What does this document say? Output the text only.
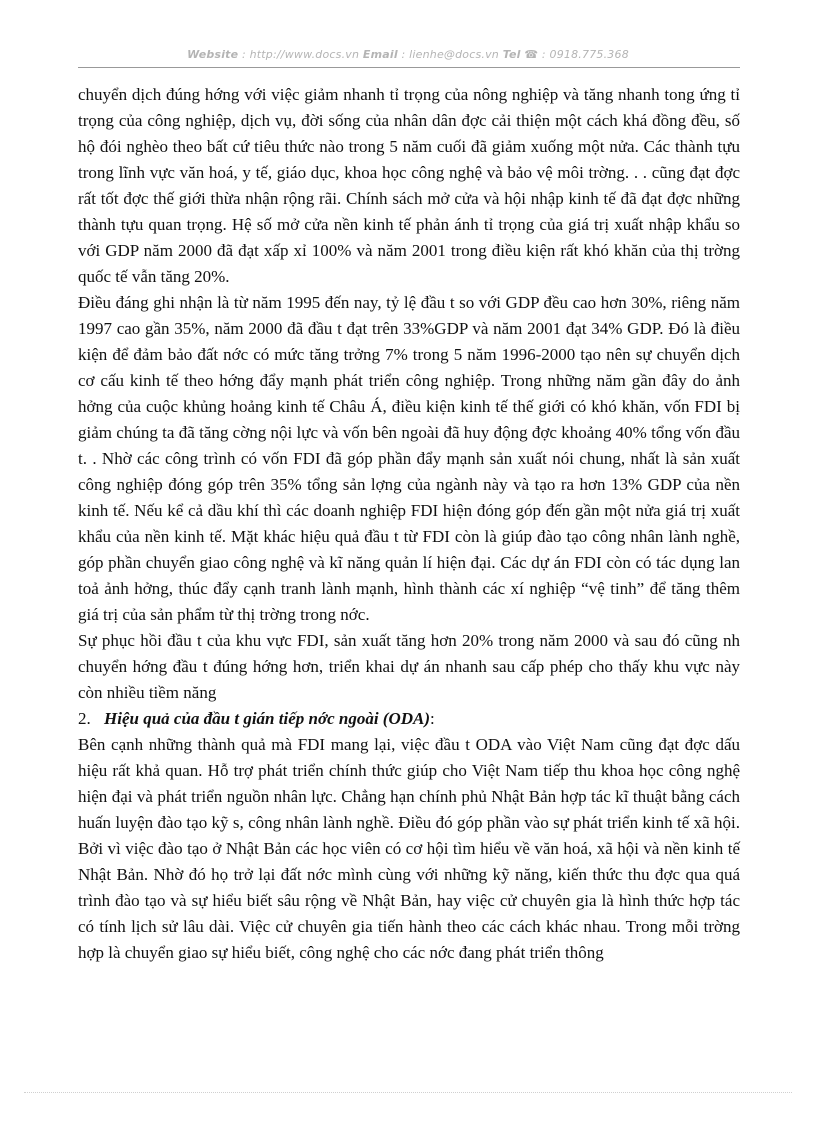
Website : http://www.docs.vn Email : lienhe@docs.vn Tel ☎ : 0918.775.368

chuyển dịch đúng hớng với việc giảm nhanh tỉ trọng của nông nghiệp và tăng nhanh tong ứng tỉ trọng của công nghiệp, dịch vụ, đời sống của nhân dân đợc cải thiện một cách khá đồng đều, số hộ đói nghèo theo bất cứ tiêu thức nào trong 5 năm cuối đã giảm xuống một nửa. Các thành tựu trong lĩnh vực văn hoá, y tế, giáo dục, khoa học công nghệ và bảo vệ môi trờng. . . cũng đạt đợc rất tốt đợc thế giới thừa nhận rộng rãi. Chính sách mở cửa và hội nhập kinh tế đã đạt đợc những thành tựu quan trọng. Hệ số mở cửa nền kinh tế phản ánh tỉ trọng của giá trị xuất nhập khẩu so với GDP năm 2000 đã đạt xấp xỉ 100% và năm 2001 trong điều kiện rất khó khăn của thị trờng quốc tế vẫn tăng 20%.

Điều đáng ghi nhận là từ năm 1995 đến nay, tỷ lệ đầu t so với GDP đều cao hơn 30%, riêng năm 1997 cao gần 35%, năm 2000 đã đầu t đạt trên 33%GDP và năm 2001 đạt 34% GDP. Đó là điều kiện để đảm bảo đất nớc có mức tăng trởng 7% trong 5 năm 1996-2000 tạo nên sự chuyển dịch cơ cấu kinh tế theo hớng đẩy mạnh phát triển công nghiệp. Trong những năm gần đây do ảnh hởng của cuộc khủng hoảng kinh tế Châu Á, điều kiện kinh tế thế giới có khó khăn, vốn FDI bị giảm chúng ta đã tăng cờng nội lực và vốn bên ngoài đã huy động đợc khoảng 40% tổng vốn đầu t. . Nhờ các công trình có vốn FDI đã góp phần đẩy mạnh sản xuất nói chung, nhất là sản xuất công nghiệp đóng góp trên 35% tổng sản lợng của ngành này và tạo ra hơn 13% GDP của nền kinh tế. Nếu kể cả dầu khí thì các doanh nghiệp FDI hiện đóng góp đến gần một nửa giá trị xuất khẩu của nền kinh tế. Mặt khác hiệu quả đầu t từ FDI còn là giúp đào tạo công nhân lành nghề, góp phần chuyển giao công nghệ và kĩ năng quản lí hiện đại. Các dự án FDI còn có tác dụng lan toả ảnh hởng, thúc đẩy cạnh tranh lành mạnh, hình thành các xí nghiệp “vệ tinh” để tăng thêm giá trị của sản phẩm từ thị trờng trong nớc.

Sự phục hồi đầu t của khu vực FDI, sản xuất tăng hơn 20% trong năm 2000 và sau đó cũng nh chuyển hớng đầu t đúng hớng hơn, triển khai dự án nhanh sau cấp phép cho thấy khu vực này còn nhiều tiềm năng

2. Hiệu quả của đầu t gián tiếp nớc ngoài (ODA):

Bên cạnh những thành quả mà FDI mang lại, việc đầu t ODA vào Việt Nam cũng đạt đợc dấu hiệu rất khả quan. Hỗ trợ phát triển chính thức giúp cho Việt Nam tiếp thu khoa học công nghệ hiện đại và phát triển nguồn nhân lực. Chẳng hạn chính phủ Nhật Bản hợp tác kĩ thuật bằng cách huấn luyện đào tạo kỹ s, công nhân lành nghề. Điều đó góp phần vào sự phát triển kinh tế xã hội. Bởi vì việc đào tạo ở Nhật Bản các học viên có cơ hội tìm hiểu về văn hoá, xã hội và nền kinh tế Nhật Bản. Nhờ đó họ trở lại đất nớc mình cùng với những kỹ năng, kiến thức thu đợc qua quá trình đào tạo và sự hiểu biết sâu rộng về Nhật Bản, hay việc cử chuyên gia là hình thức hợp tác có tính lịch sử lâu dài. Việc cử chuyên gia tiến hành theo các cách khác nhau. Trong mỗi trờng hợp là chuyển giao sự hiểu biết, công nghệ cho các nớc đang phát triển thông
